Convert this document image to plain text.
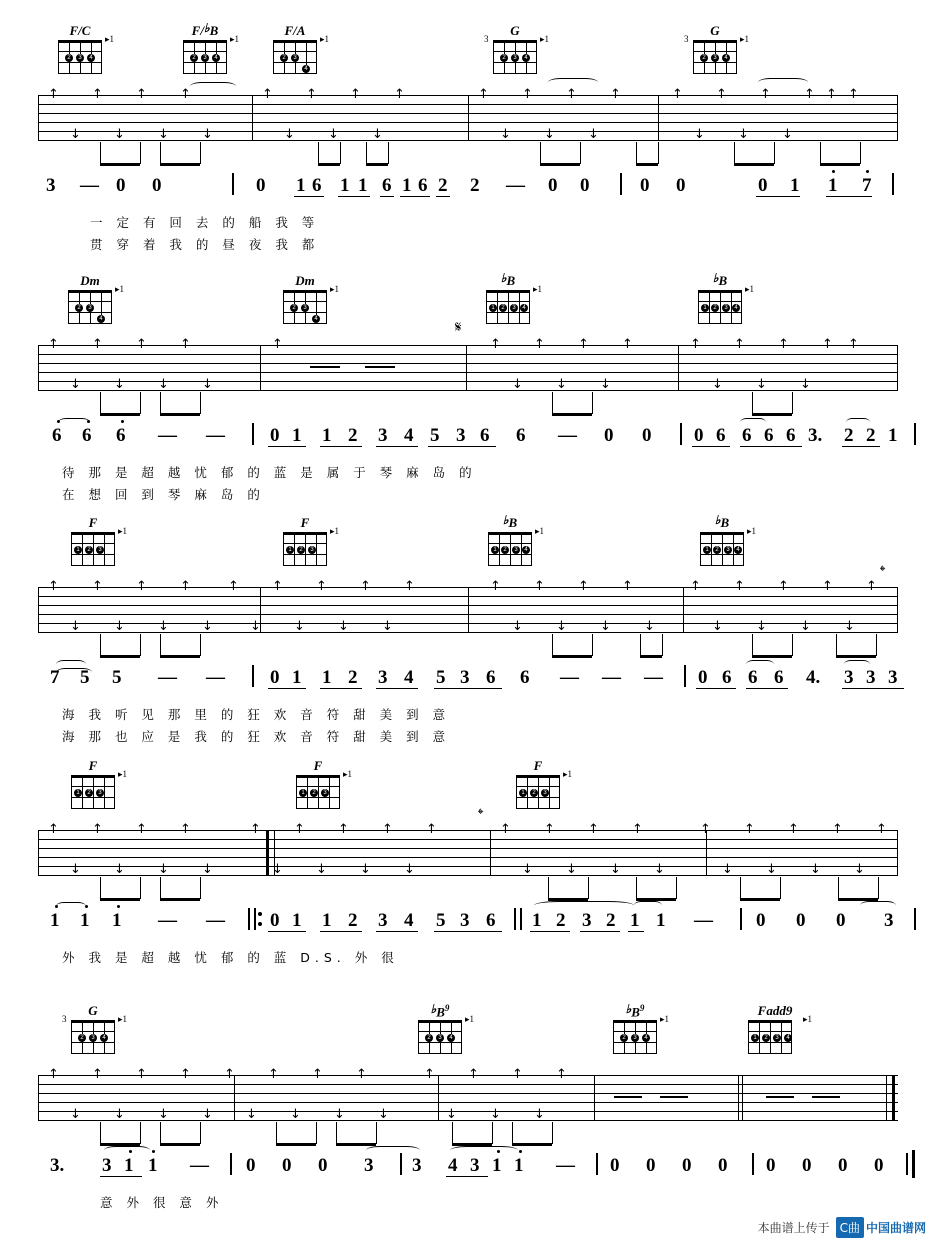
F/C
▸1
2	3	4
F/♭B
▸1
2	3	4
F/A
▸1
2	3
4
G
3	▸1
2	3	4
G
3	▸1
2	3	4
↑
↓
↑
↓
↑
↓
↑
↓
↑
↓
↑
↓
↑
↓
↑	↑
↓
↑
↓
↑
↓
↑	↑
↓
↑
↓
↑
↓
↑ ↑ ↑
3 — 0 0	0 1 6 1 1 6 1 6 2 2 — 0 0	0 0	0 1 1 7
一 定 有 回 去 的 船 我 等
贯 穿 着 我 的 昼 夜 我 都
Dm
▸1
2	3
4
Dm
▸1
2	3
4
♭B
▸1
1	2	3	4
♭B
▸1
1	2	3	4
𝄋
↑
↓
↑
↓
↑
↓
↑
↓
↑	↑
↓
↑
↓
↑
↓
↑	↑
↓
↑
↓
↑
↓
↑ ↑
6 6 6 — — 0 1 1 2 3 4 5 3 6 6 — 0 0 0 6 6 6 6 3. 2 2 1
待 那 是 超 越 忧 郁 的 蓝 是 属 于 琴 麻 岛 的
在 想 回 到 琴 麻 岛 的
F
▸1
1	2	3
F
▸1
1	2	3
♭B
▸1
1	2	3	4
♭B
▸1
1	2	3	4
𝄌
↑
↓
↑
↓
↑
↓
↑
↓
↑
↓
↑
↓
↑
↓
↑
↓
↑	↑
↓
↑
↓
↑
↓
↑
↓
↑
↓
↑
↓
↑
↓
↑
↓
↑
7 5 5 — — 0 1 1 2 3 4 5 3 6 6 — — — 0 6 6 6 4. 3 3 3
海 我 听 见 那 里 的 狂 欢 音 符 甜 美 到 意
海 那 也 应 是 我 的 狂 欢 音 符 甜 美 到 意
F
▸1
1	2	3
F
▸1
1	2	3
F
▸1
1	2	3
𝄌
↑
↓
↑
↓
↑
↓
↑
↓
↑
↓
↑
↓
↑
↓
↑
↓
↑	↑
↓
↑
↓
↑
↓
↑
↓
↑
↓
↑
↓
↑
↓
↑
↓
↑
1 1 1 — — 0 1 1 2 3 4 5 3 6 1 2 3 2 1 1 — 0 0 0 3
外 我 是 超 越 忧 郁 的 蓝 D.S. 外 很
G
3	▸1
2	3	4
$♭B^9$
▸1
2	3	4
$♭B^9$
▸1
2	3	4
Fadd9
▸1
1	2	3	4
↑
↓
↑
↓
↑
↓
↑
↓
↑
↓
↑
↓
↑
↓
↑
↓
↑
↓
↑
↓
↑
↓
↑
3. 3 1 1 — 0 0 0 3 3 4 3 1 1 — 0 0 0 0 0 0 0 0
意 外 很 意 外
本曲谱上传于 C曲 中国曲谱网
